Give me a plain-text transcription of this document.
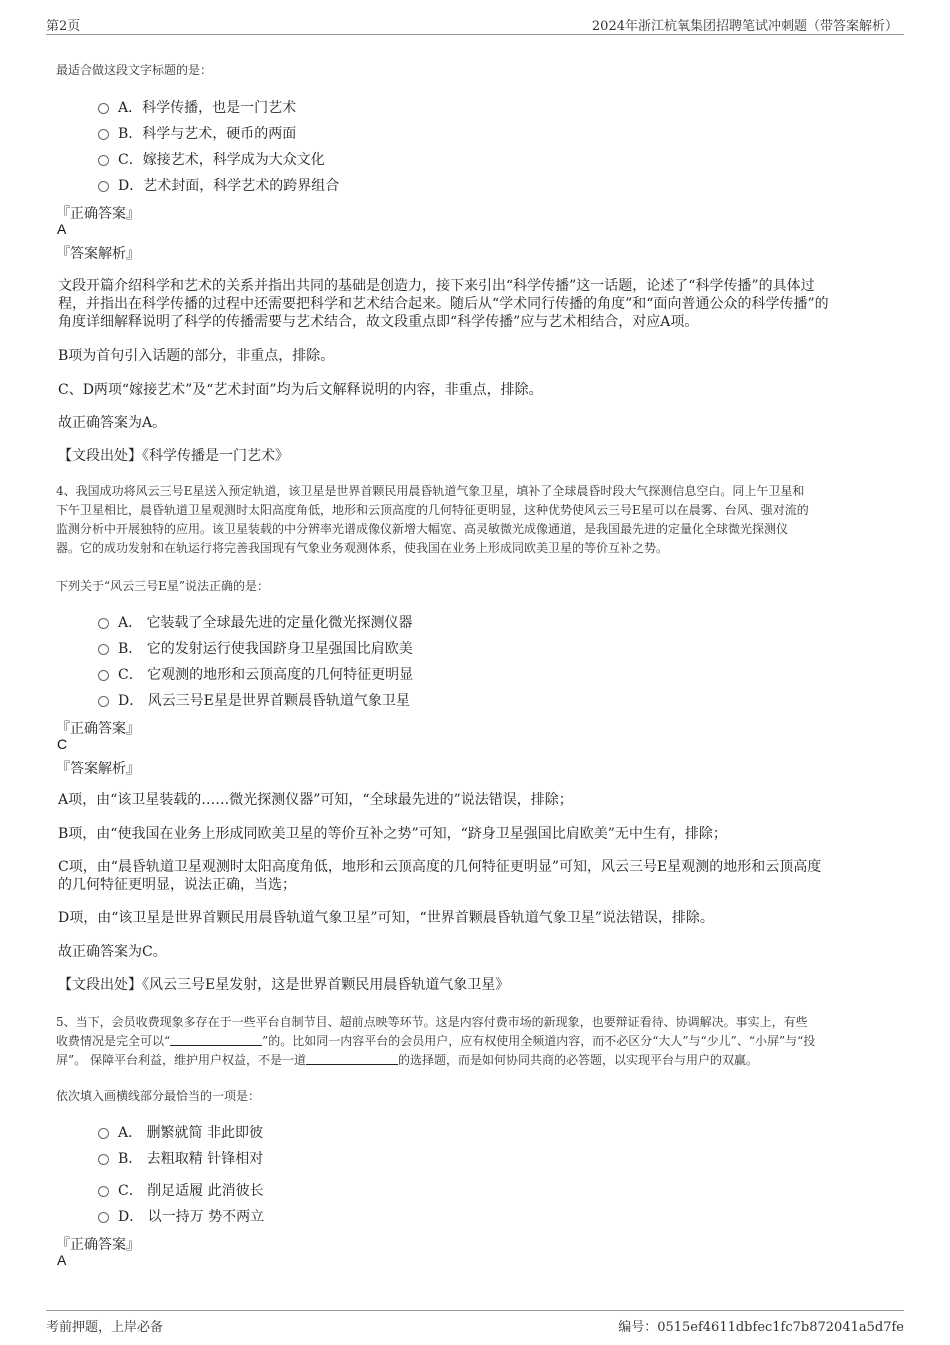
第2页	2024年浙江杭氧集团招聘笔试冲刺题（带答案解析）
最适合做这段文字标题的是：
A．科学传播，也是一门艺术
B．科学与艺术，硬币的两面
C．嫁接艺术，科学成为大众文化
D．艺术封面，科学艺术的跨界组合
『正确答案』
A
『答案解析』
文段开篇介绍科学和艺术的关系并指出共同的基础是创造力，接下来引出“科学传播”这一话题，论述了“科学传播”的具体过
程，并指出在科学传播的过程中还需要把科学和艺术结合起来。随后从“学术同行传播的角度”和“面向普通公众的科学传播”的
角度详细解释说明了科学的传播需要与艺术结合，故文段重点即“科学传播”应与艺术相结合，对应A项。
B项为首句引入话题的部分，非重点，排除。
C、D两项“嫁接艺术”及“艺术封面”均为后文解释说明的内容，非重点，排除。
故正确答案为A。
【文段出处】《科学传播是一门艺术》
4、我国成功将风云三号E星送入预定轨道，该卫星是世界首颗民用晨昏轨道气象卫星，填补了全球晨昏时段大气探测信息空白。同上午卫星和
下午卫星相比，晨昏轨道卫星观测时太阳高度角低，地形和云顶高度的几何特征更明显，这种优势使风云三号E星可以在晨雾、台风、强对流的
监测分析中开展独特的应用。该卫星装载的中分辨率光谱成像仪新增大幅宽、高灵敏微光成像通道，是我国最先进的定量化全球微光探测仪
器。它的成功发射和在轨运行将完善我国现有气象业务观测体系，使我国在业务上形成同欧美卫星的等价互补之势。
下列关于“风云三号E星”说法正确的是：
A． 它装载了全球最先进的定量化微光探测仪器
B． 它的发射运行使我国跻身卫星强国比肩欧美
C． 它观测的地形和云顶高度的几何特征更明显
D． 风云三号E星是世界首颗晨昏轨道气象卫星
『正确答案』
C
『答案解析』
A项，由“该卫星装载的……微光探测仪器”可知，“全球最先进的”说法错误，排除；
B项，由“使我国在业务上形成同欧美卫星的等价互补之势”可知，“跻身卫星强国比肩欧美”无中生有，排除；
C项，由“晨昏轨道卫星观测时太阳高度角低，地形和云顶高度的几何特征更明显”可知，风云三号E星观测的地形和云顶高度
的几何特征更明显，说法正确，当选；
D项，由“该卫星是世界首颗民用晨昏轨道气象卫星”可知，“世界首颗晨昏轨道气象卫星”说法错误，排除。
故正确答案为C。
【文段出处】《风云三号E星发射，这是世界首颗民用晨昏轨道气象卫星》
5、当下，会员收费现象多存在于一些平台自制节目、超前点映等环节。这是内容付费市场的新现象，也要辩证看待、协调解决。事实上，有些
收费情况是完全可以“	”的。比如同一内容平台的会员用户，应有权使用全频道内容，而不必区分“大人”与“少儿”、“小屏”与“投
屏”。 保障平台利益，维护用户权益，不是一道	的选择题，而是如何协同共商的必答题，以实现平台与用户的双赢。
依次填入画横线部分最恰当的一项是：
A． 删繁就简 非此即彼
B． 去粗取精 针锋相对
C． 削足适履 此消彼长
D． 以一持万 势不两立
『正确答案』
A
考前押题，上岸必备	编号：0515ef4611dbfec1fc7b872041a5d7fe
